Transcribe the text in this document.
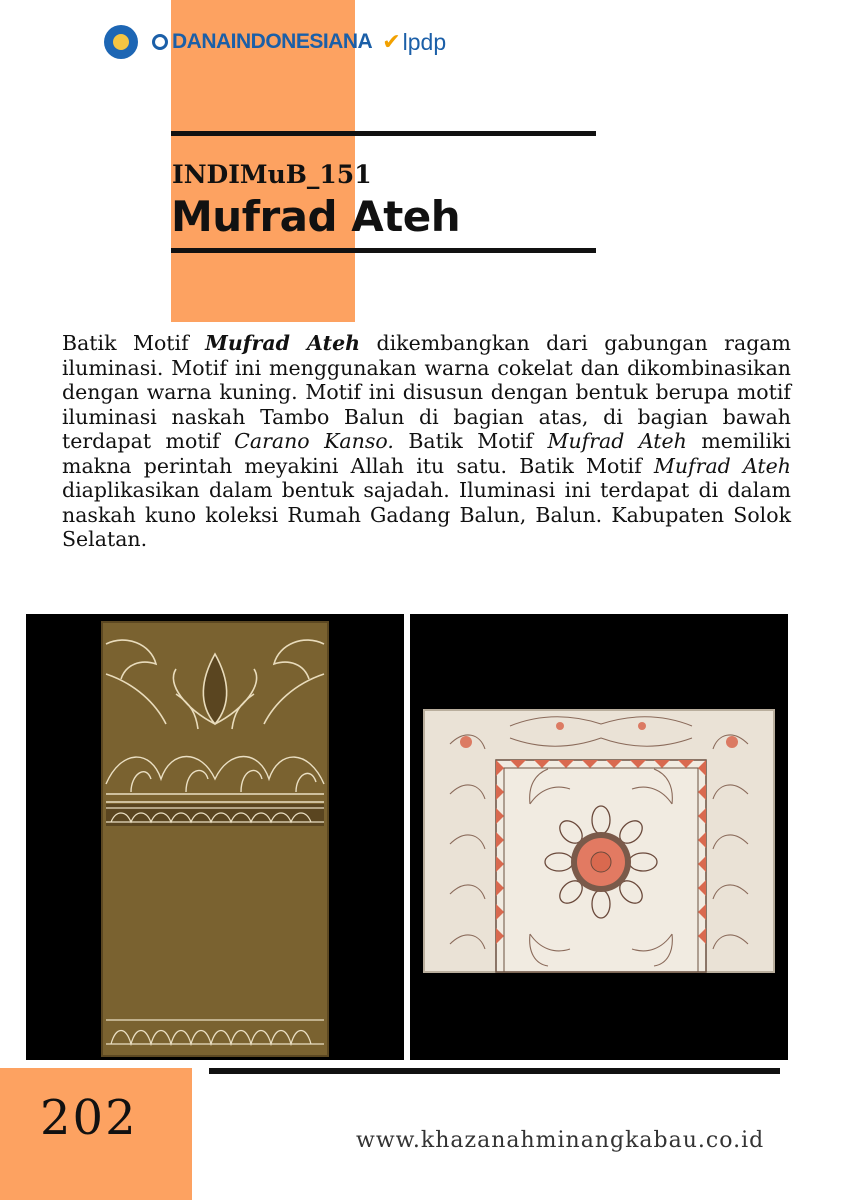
DANAINDONESIANA ✔ lpdp
INDIMuB_151
Mufrad Ateh

Batik Motif Mufrad Ateh dikembangkan dari gabungan ragam iluminasi. Motif ini menggunakan warna cokelat dan dikombinasikan dengan warna kuning. Motif ini disusun dengan bentuk berupa motif iluminasi naskah Tambo Balun di bagian atas, di bagian bawah terdapat motif Carano Kanso. Batik Motif Mufrad Ateh memiliki makna perintah meyakini Allah itu satu. Batik Motif Mufrad Ateh diaplikasikan dalam bentuk sajadah. Iluminasi ini terdapat di dalam naskah kuno koleksi Rumah Gadang Balun, Balun. Kabupaten Solok Selatan.

202	www.khazanahminangkabau.co.id
